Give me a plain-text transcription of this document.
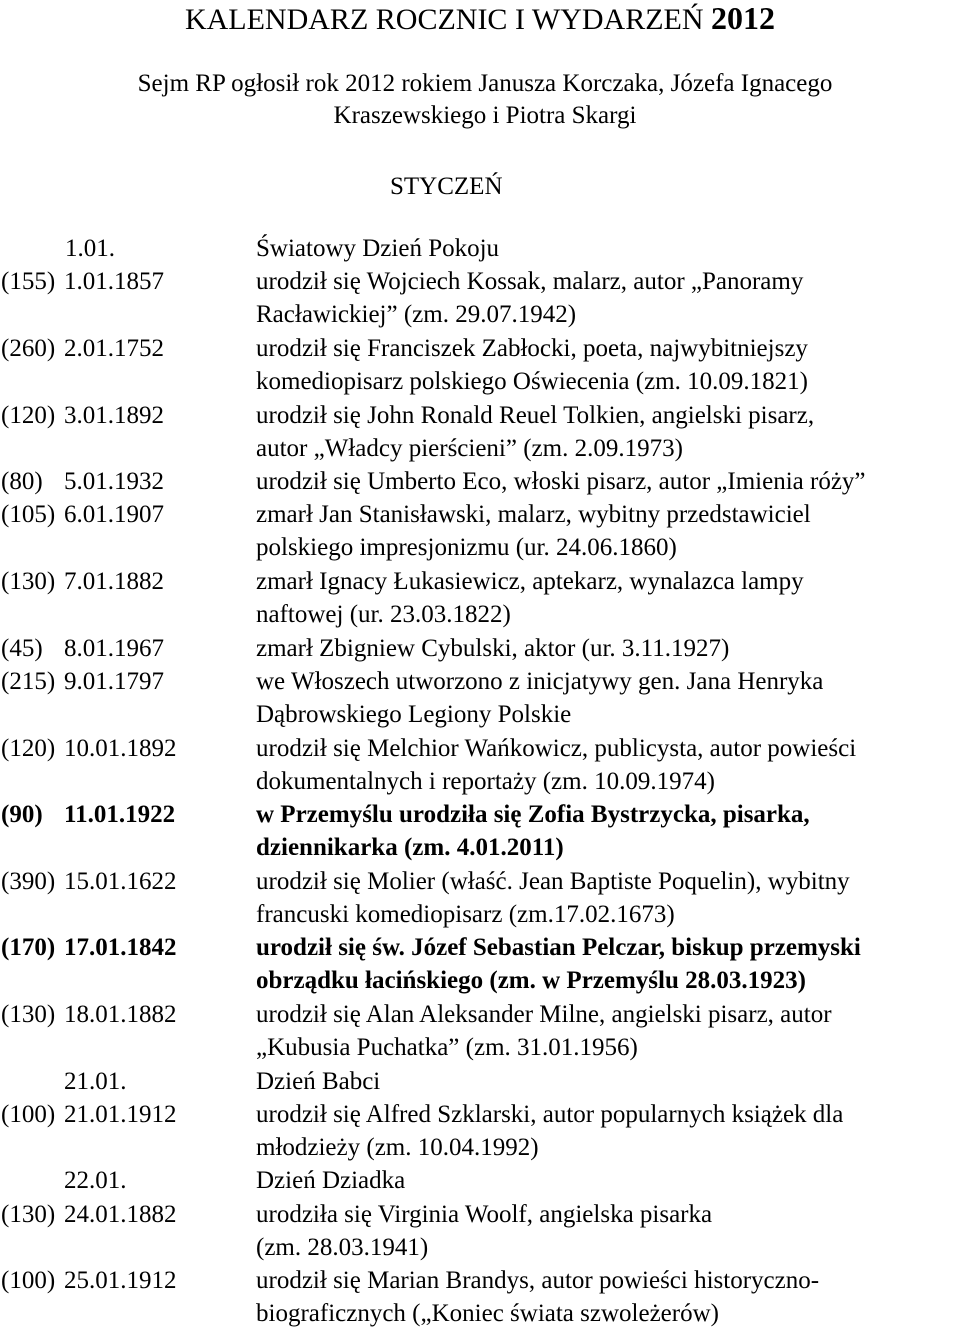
KALENDARZ ROCZNIC I WYDARZEŃ 2012
Sejm RP ogłosił rok 2012 rokiem Janusza Korczaka, Józefa Ignacego
Kraszewskiego i Piotra Skargi
STYCZEŃ
1.01.	Światowy Dzień Pokoju
(155) 1.01.1857	urodził się Wojciech Kossak, malarz, autor „Panoramy
Racławickiej” (zm. 29.07.1942)
(260) 2.01.1752	urodził się Franciszek Zabłocki, poeta, najwybitniejszy
komediopisarz polskiego Oświecenia (zm. 10.09.1821)
(120) 3.01.1892	urodził się John Ronald Reuel Tolkien, angielski pisarz,
autor „Władcy pierścieni” (zm. 2.09.1973)
(80) 5.01.1932	urodził się Umberto Eco, włoski pisarz, autor „Imienia róży”
(105) 6.01.1907	zmarł Jan Stanisławski, malarz, wybitny przedstawiciel
polskiego impresjonizmu (ur. 24.06.1860)
(130) 7.01.1882	zmarł Ignacy Łukasiewicz, aptekarz, wynalazca lampy
naftowej (ur. 23.03.1822)
(45) 8.01.1967	zmarł Zbigniew Cybulski, aktor (ur. 3.11.1927)
(215) 9.01.1797	we Włoszech utworzono z inicjatywy gen. Jana Henryka
Dąbrowskiego Legiony Polskie
(120) 10.01.1892	urodził się Melchior Wańkowicz, publicysta, autor powieści
dokumentalnych i reportaży (zm. 10.09.1974)
(90) 11.01.1922	w Przemyślu urodziła się Zofia Bystrzycka, pisarka,
dziennikarka (zm. 4.01.2011)
(390) 15.01.1622	urodził się Molier (właść. Jean Baptiste Poquelin), wybitny
francuski komediopisarz (zm.17.02.1673)
(170) 17.01.1842	urodził się św. Józef Sebastian Pelczar, biskup przemyski
obrządku łacińskiego (zm. w Przemyślu 28.03.1923)
(130) 18.01.1882	urodził się Alan Aleksander Milne, angielski pisarz, autor
„Kubusia Puchatka” (zm. 31.01.1956)
21.01.	Dzień Babci
(100) 21.01.1912	urodził się Alfred Szklarski, autor popularnych książek dla
młodzieży (zm. 10.04.1992)
22.01.	Dzień Dziadka
(130) 24.01.1882	urodziła się Virginia Woolf, angielska pisarka
(zm. 28.03.1941)
(100) 25.01.1912	urodził się Marian Brandys, autor powieści historyczno-
biograficznych („Koniec świata szwoleżerów)
